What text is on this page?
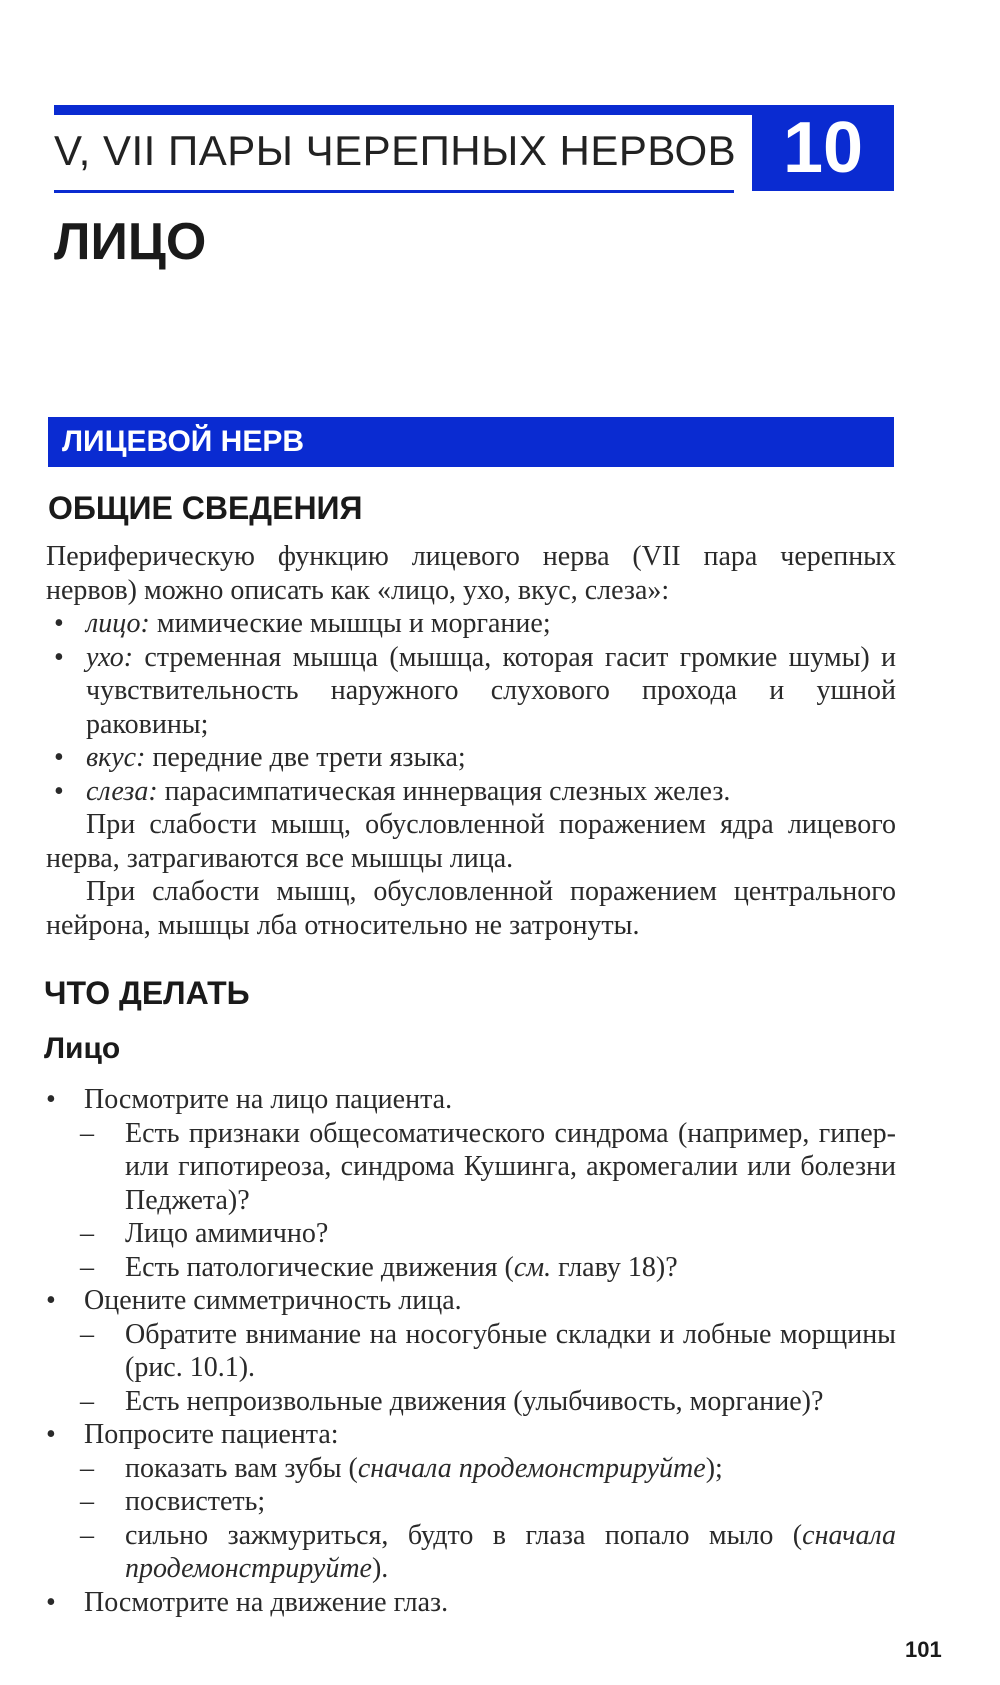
V, VII ПАРЫ ЧЕРЕПНЫХ НЕРВОВ 10
ЛИЦО
ЛИЦЕВОЙ НЕРВ
ОБЩИЕ СВЕДЕНИЯ

Периферическую функцию лицевого нерва (VII пара черепных нервов) можно описать как «лицо, ухо, вкус, слеза»:

• лицо: мимические мышцы и моргание;
• ухо: стременная мышца (мышца, которая гасит громкие шумы) и чувствительность наружного слухового прохода и ушной раковины;
• вкус: передние две трети языка;
• слеза: парасимпатическая иннервация слезных желез.

При слабости мышц, обусловленной поражением ядра лицевого нерва, затрагиваются все мышцы лица.

При слабости мышц, обусловленной поражением центрального нейрона, мышцы лба относительно не затронуты.

ЧТО ДЕЛАТЬ
Лицо
• Посмотрите на лицо пациента.
– Есть признаки общесоматического синдрома (например, гипер- или гипотиреоза, синдрома Кушинга, акромегалии или болезни Педжета)?
– Лицо амимично?
– Есть патологические движения (см. главу 18)?
• Оцените симметричность лица.
– Обратите внимание на носогубные складки и лобные морщины (рис. 10.1).
– Есть непроизвольные движения (улыбчивость, моргание)?
• Попросите пациента:
– показать вам зубы (сначала продемонстрируйте);
– посвистеть;
– сильно зажмуриться, будто в глаза попало мыло (сначала продемонстрируйте).
• Посмотрите на движение глаз.
101
